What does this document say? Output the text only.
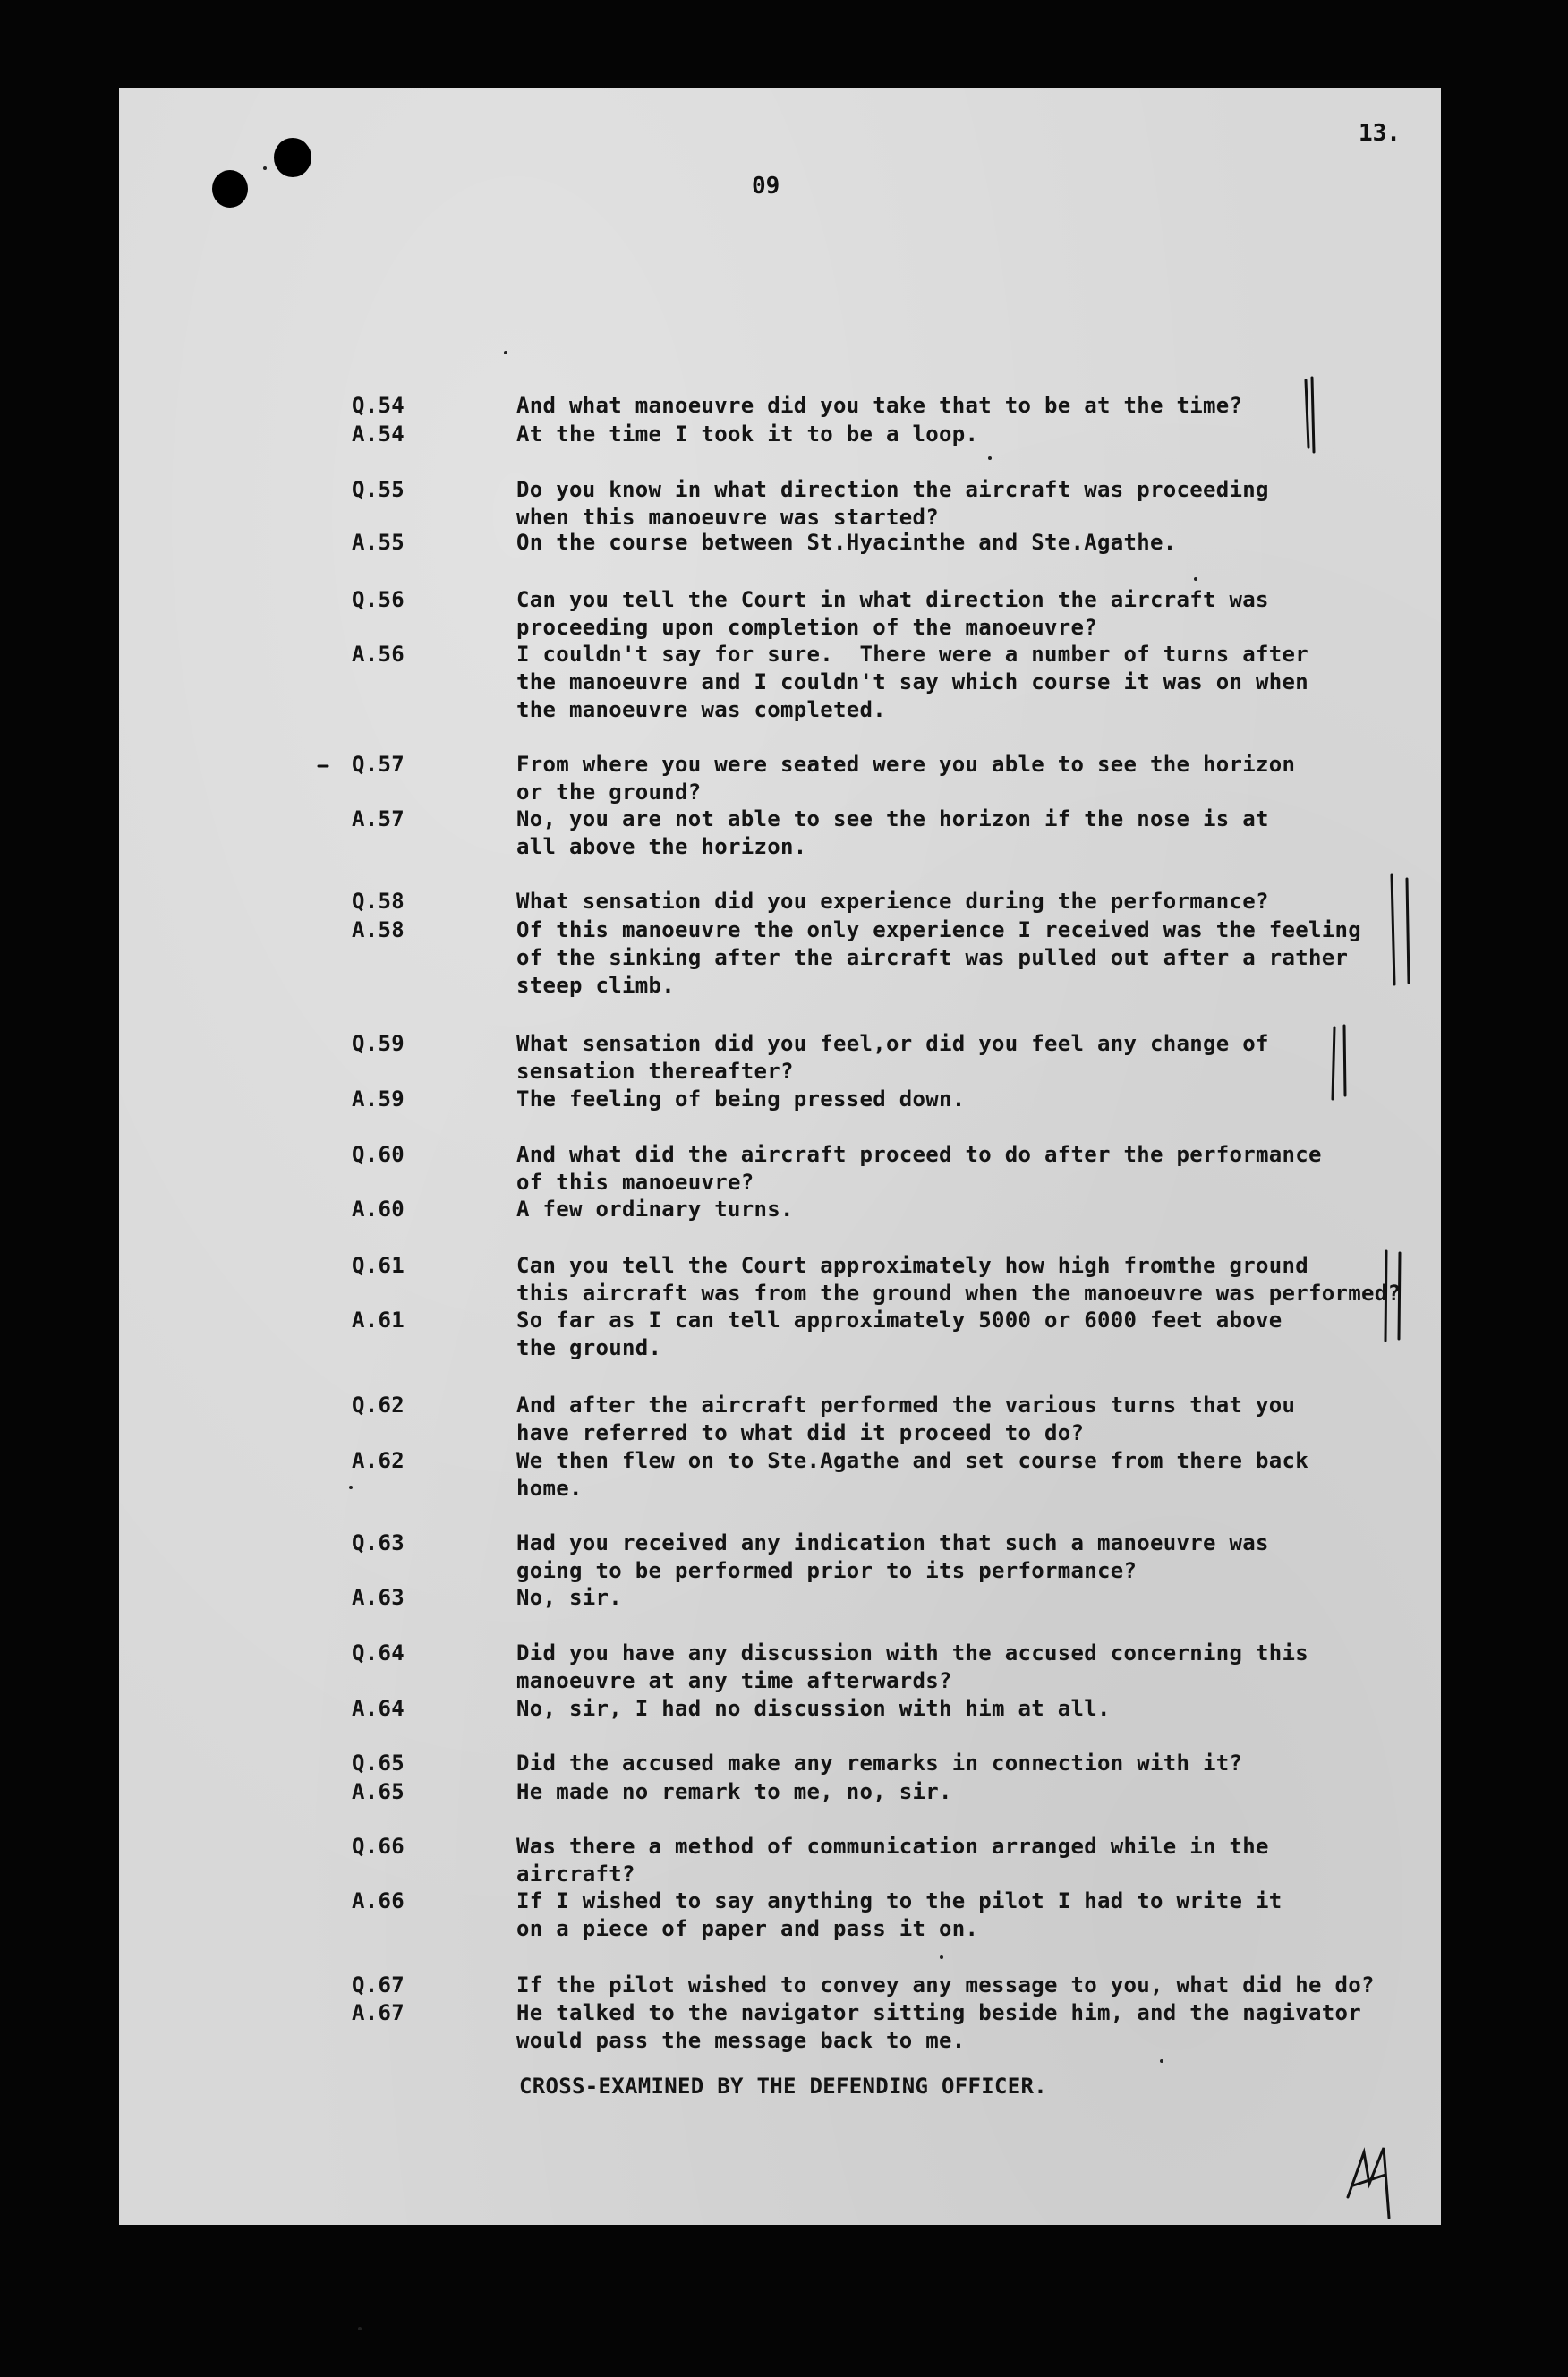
13.
09
Q.54	And what manoeuvre did you take that to be at the time?
A.54	At the time I took it to be a loop.
Q.55	Do you know in what direction the aircraft was proceeding
when this manoeuvre was started?
A.55	On the course between St.Hyacinthe and Ste.Agathe.
Q.56	Can you tell the Court in what direction the aircraft was
proceeding upon completion of the manoeuvre?
A.56	I couldn't say for sure.  There were a number of turns after
the manoeuvre and I couldn't say which course it was on when
the manoeuvre was completed.
Q.57	From where you were seated were you able to see the horizon
or the ground?
A.57	No, you are not able to see the horizon if the nose is at
all above the horizon.
Q.58	What sensation did you experience during the performance?
A.58	Of this manoeuvre the only experience I received was the feeling
of the sinking after the aircraft was pulled out after a rather
steep climb.
Q.59	What sensation did you feel,or did you feel any change of
sensation thereafter?
A.59	The feeling of being pressed down.
Q.60	And what did the aircraft proceed to do after the performance
of this manoeuvre?
A.60	A few ordinary turns.
Q.61	Can you tell the Court approximately how high fromthe ground
this aircraft was from the ground when the manoeuvre was performed?
A.61	So far as I can tell approximately 5000 or 6000 feet above
the ground.
Q.62	And after the aircraft performed the various turns that you
have referred to what did it proceed to do?
A.62	We then flew on to Ste.Agathe and set course from there back
home.
Q.63	Had you received any indication that such a manoeuvre was
going to be performed prior to its performance?
A.63	No, sir.
Q.64	Did you have any discussion with the accused concerning this
manoeuvre at any time afterwards?
A.64	No, sir, I had no discussion with him at all.
Q.65	Did the accused make any remarks in connection with it?
A.65	He made no remark to me, no, sir.
Q.66	Was there a method of communication arranged while in the
aircraft?
A.66	If I wished to say anything to the pilot I had to write it
on a piece of paper and pass it on.
Q.67	If the pilot wished to convey any message to you, what did he do?
A.67	He talked to the navigator sitting beside him, and the nagivator
would pass the message back to me.
CROSS-EXAMINED BY THE DEFENDING OFFICER.
